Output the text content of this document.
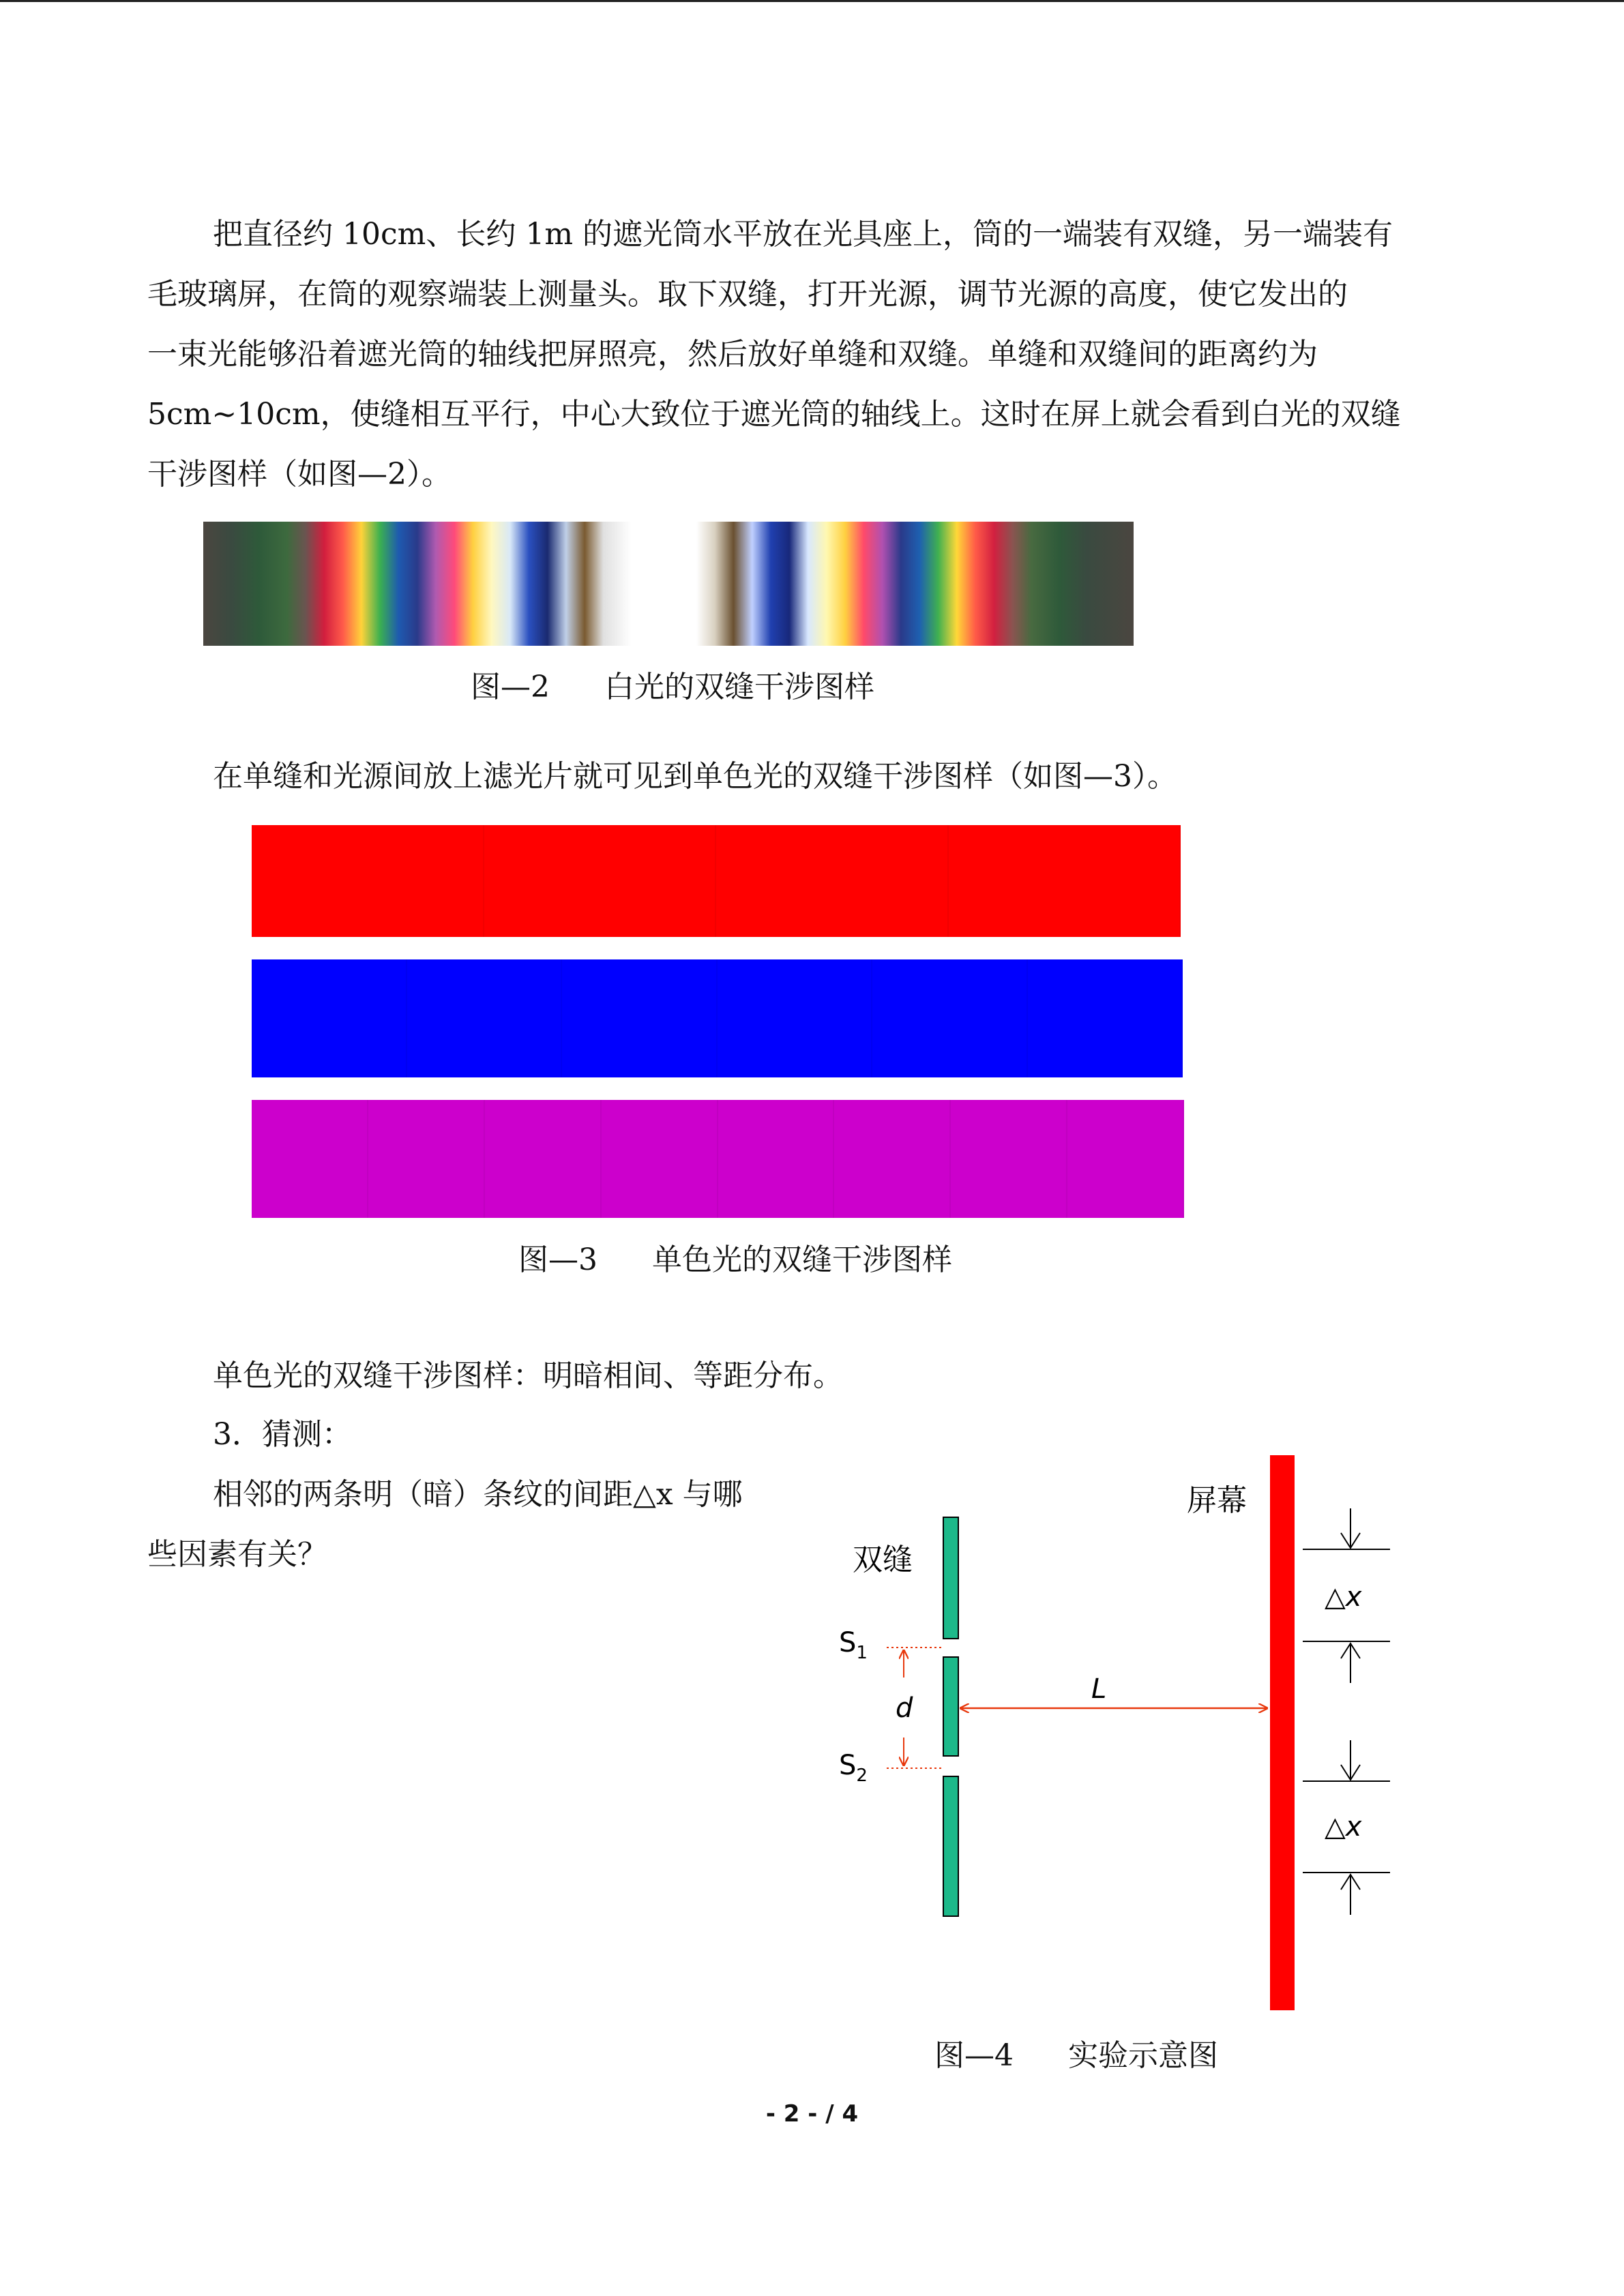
把直径约 10cm、长约 1m 的遮光筒水平放在光具座上，筒的一端装有双缝，另一端装有
毛玻璃屏，在筒的观察端装上测量头。取下双缝，打开光源，调节光源的高度，使它发出的
一束光能够沿着遮光筒的轴线把屏照亮，然后放好单缝和双缝。单缝和双缝间的距离约为
5cm~10cm，使缝相互平行，中心大致位于遮光筒的轴线上。这时在屏上就会看到白光的双缝
干涉图样（如图—2）。
图—2 白光的双缝干涉图样
在单缝和光源间放上滤光片就可见到单色光的双缝干涉图样（如图—3）。
图—3 单色光的双缝干涉图样
单色光的双缝干涉图样：明暗相间、等距分布。
3．猜测：
相邻的两条明（暗）条纹的间距△x 与哪
些因素有关？
屏幕
双缝
$S_1$
$S_2$
d
L
△x
△x
图—4 实验示意图
- 2 - / 4
